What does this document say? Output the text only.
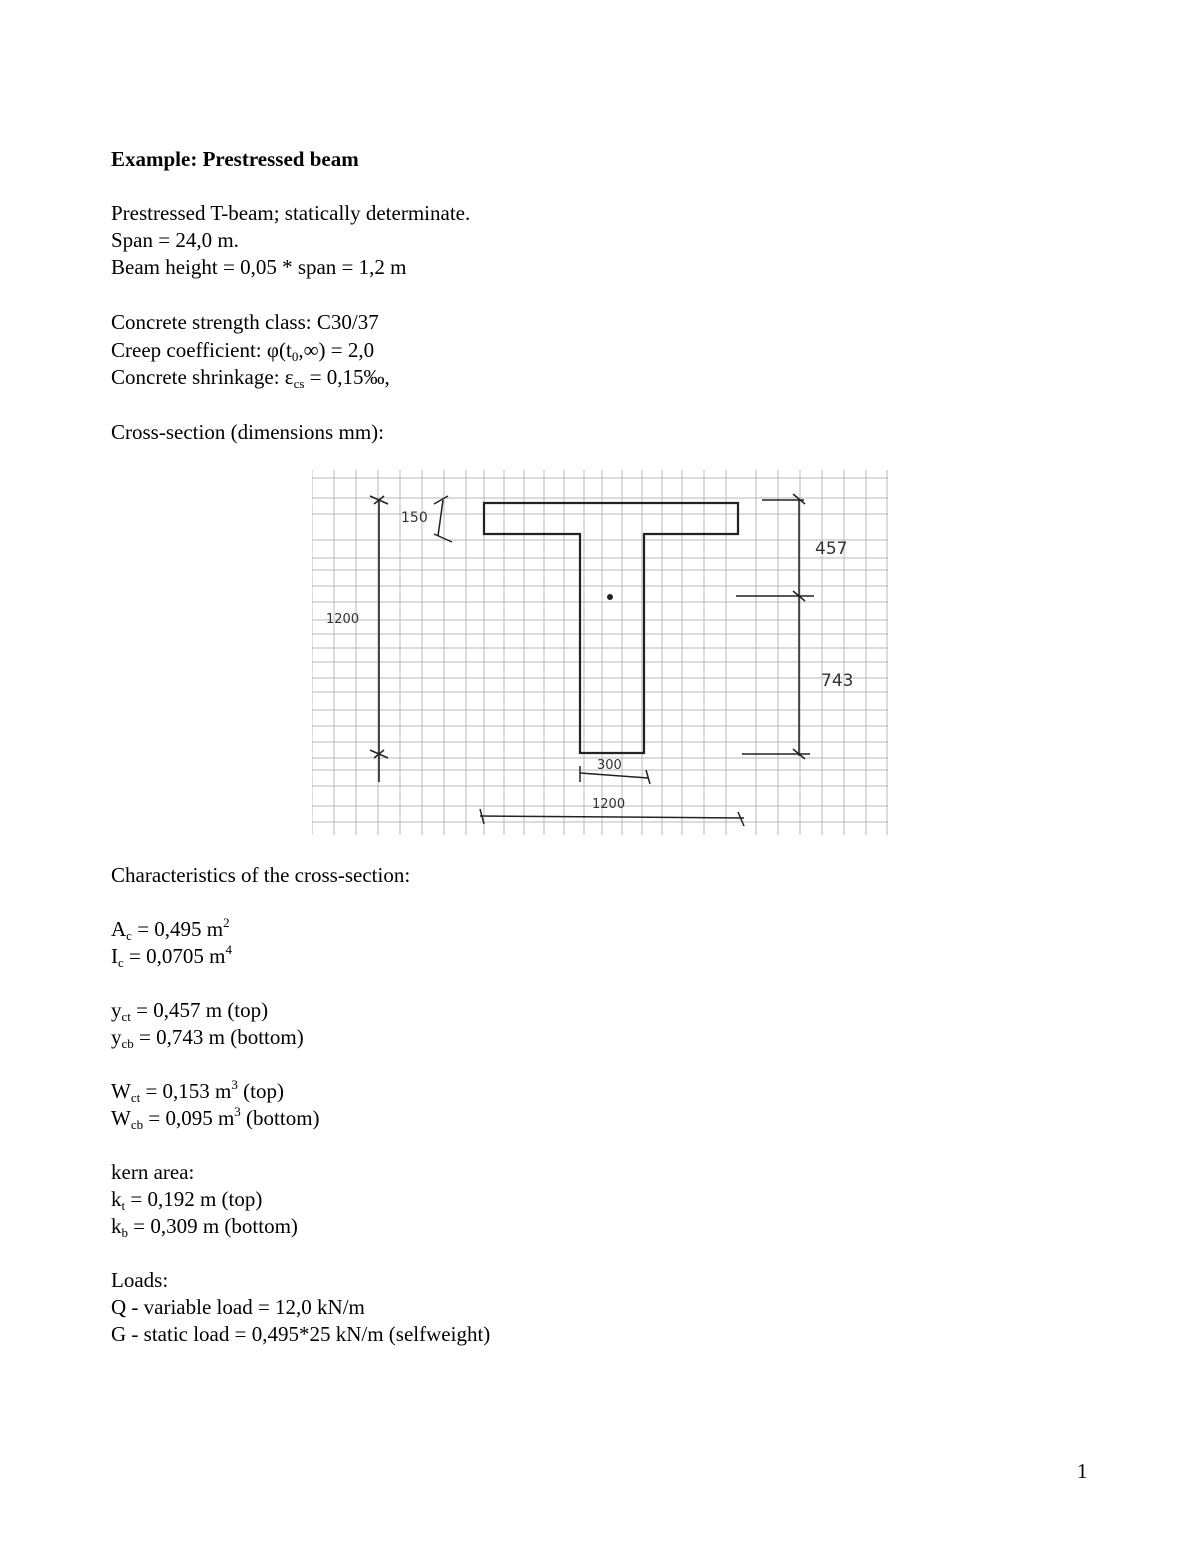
Example: Prestressed beam
Prestressed T-beam; statically determinate.
Span = 24,0 m.
Beam height = 0,05 * span = 1,2 m
Concrete strength class: C30/37
Creep coefficient: $\varphi(t_0,\infty) = 2,0$
Concrete shrinkage: $\varepsilon_{cs}$ = 0,15‰,
Cross-section (dimensions mm):
1200
150
457
743
300
1200
Characteristics of the cross-section:
$A_c = 0,495$ $m^2$
$I_c = 0,0705$ $m^4$
$y_{ct} = 0,457$ m (top)
$y_{cb} = 0,743$ m (bottom)
$W_{ct} = 0,153$ $m^3$ (top)
$W_{cb} = 0,095$ $m^3$ (bottom)
kern area:
$k_t = 0,192$ m (top)
$k_b = 0,309$ m (bottom)
Loads:
Q - variable load = 12,0 kN/m
G - static load = 0,495*25 kN/m (selfweight)
1
